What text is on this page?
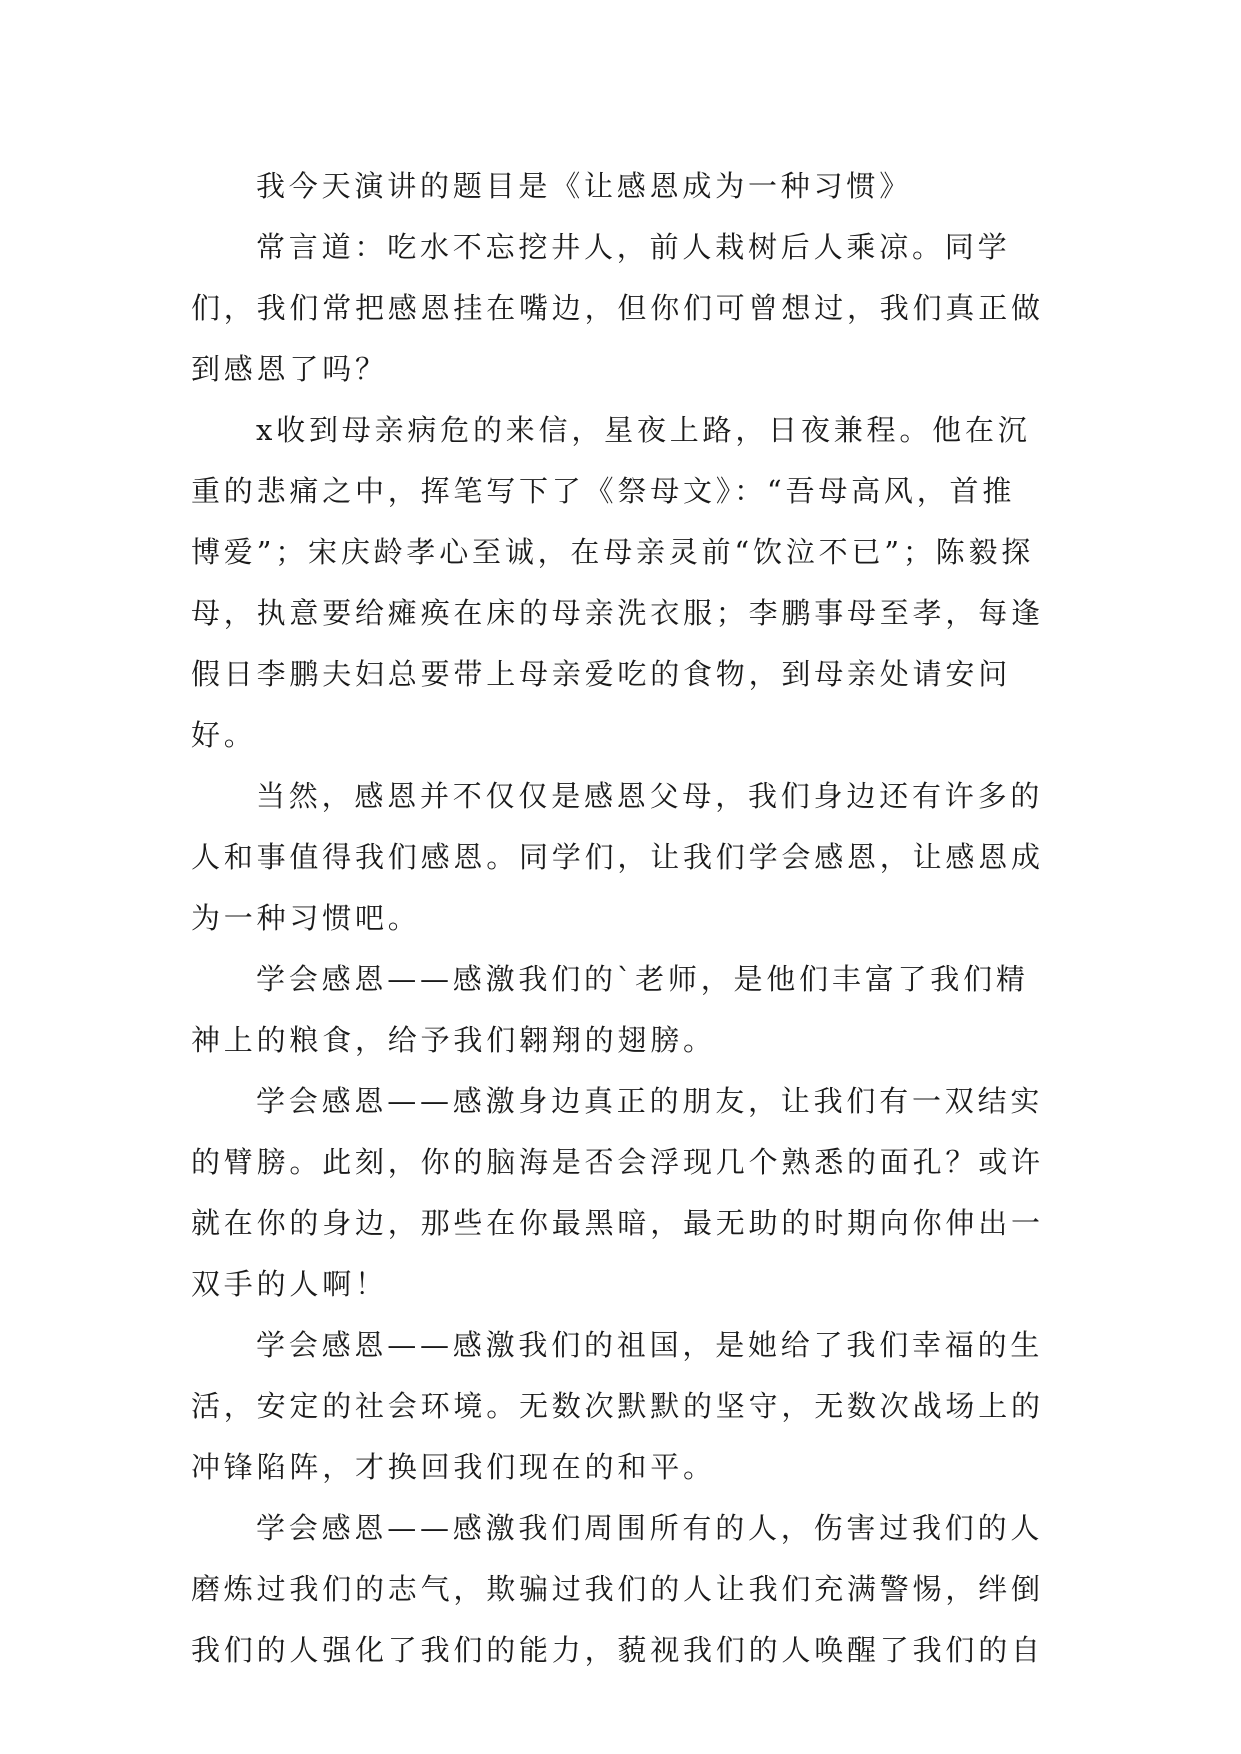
我今天演讲的题目是《让感恩成为一种习惯》

常言道：吃水不忘挖井人，前人栽树后人乘凉。同学们，我们常把感恩挂在嘴边，但你们可曾想过，我们真正做到感恩了吗？

x收到母亲病危的来信，星夜上路，日夜兼程。他在沉重的悲痛之中，挥笔写下了《祭母文》：“吾母高风，首推博爱”；宋庆龄孝心至诚，在母亲灵前“饮泣不已”；陈毅探母，执意要给瘫痪在床的母亲洗衣服；李鹏事母至孝，每逢假日李鹏夫妇总要带上母亲爱吃的食物，到母亲处请安问好。

当然，感恩并不仅仅是感恩父母，我们身边还有许多的人和事值得我们感恩。同学们，让我们学会感恩，让感恩成为一种习惯吧。

学会感恩——感激我们的`老师，是他们丰富了我们精神上的粮食，给予我们翱翔的翅膀。

学会感恩——感激身边真正的朋友，让我们有一双结实的臂膀。此刻，你的脑海是否会浮现几个熟悉的面孔？或许就在你的身边，那些在你最黑暗，最无助的时期向你伸出一双手的人啊！

学会感恩——感激我们的祖国，是她给了我们幸福的生活，安定的社会环境。无数次默默的坚守，无数次战场上的冲锋陷阵，才换回我们现在的和平。

学会感恩——感激我们周围所有的人，伤害过我们的人磨炼过我们的志气，欺骗过我们的人让我们充满警惕，绊倒我们的人强化了我们的能力，藐视我们的人唤醒了我们的自
